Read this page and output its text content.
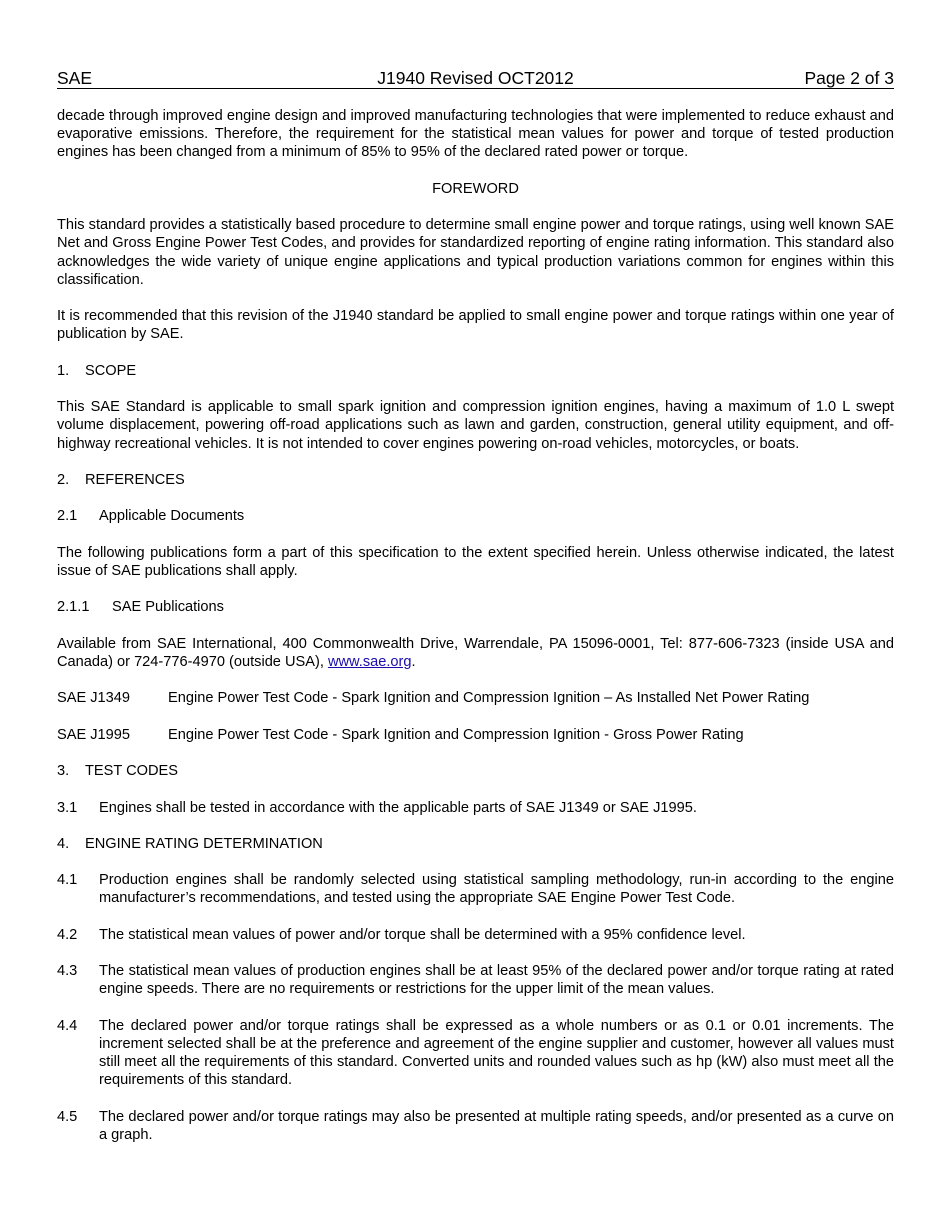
SAE	J1940 Revised OCT2012	Page 2 of 3

decade through improved engine design and improved manufacturing technologies that were implemented to reduce exhaust and evaporative emissions. Therefore, the requirement for the statistical mean values for power and torque of tested production engines has been changed from a minimum of 85% to 95% of the declared rated power or torque.

FOREWORD

This standard provides a statistically based procedure to determine small engine power and torque ratings, using well known SAE Net and Gross Engine Power Test Codes, and provides for standardized reporting of engine rating information. This standard also acknowledges the wide variety of unique engine applications and typical production variations common for engines within this classification.

It is recommended that this revision of the J1940 standard be applied to small engine power and torque ratings within one year of publication by SAE.

1.	SCOPE

This SAE Standard is applicable to small spark ignition and compression ignition engines, having a maximum of 1.0 L swept volume displacement, powering off-road applications such as lawn and garden, construction, general utility equipment, and off-highway recreational vehicles. It is not intended to cover engines powering on-road vehicles, motorcycles, or boats.

2.	REFERENCES
2.1	Applicable Documents

The following publications form a part of this specification to the extent specified herein. Unless otherwise indicated, the latest issue of SAE publications shall apply.

2.1.1	SAE Publications

Available from SAE International, 400 Commonwealth Drive, Warrendale, PA 15096-0001, Tel: 877-606-7323 (inside USA and Canada) or 724-776-4970 (outside USA), www.sae.org.

SAE J1349	Engine Power Test Code - Spark Ignition and Compression Ignition – As Installed Net Power Rating
SAE J1995	Engine Power Test Code - Spark Ignition and Compression Ignition - Gross Power Rating
3.	TEST CODES
3.1	Engines shall be tested in accordance with the applicable parts of SAE J1349 or SAE J1995.
4.	ENGINE RATING DETERMINATION
4.1	Production engines shall be randomly selected using statistical sampling methodology, run-in according to the engine manufacturer’s recommendations, and tested using the appropriate SAE Engine Power Test Code.
4.2	The statistical mean values of power and/or torque shall be determined with a 95% confidence level.
4.3	The statistical mean values of production engines shall be at least 95% of the declared power and/or torque rating at rated engine speeds. There are no requirements or restrictions for the upper limit of the mean values.
4.4	The declared power and/or torque ratings shall be expressed as a whole numbers or as 0.1 or 0.01 increments. The increment selected shall be at the preference and agreement of the engine supplier and customer, however all values must still meet all the requirements of this standard. Converted units and rounded values such as hp (kW) also must meet all the requirements of this standard.
4.5	The declared power and/or torque ratings may also be presented at multiple rating speeds, and/or presented as a curve on a graph.
